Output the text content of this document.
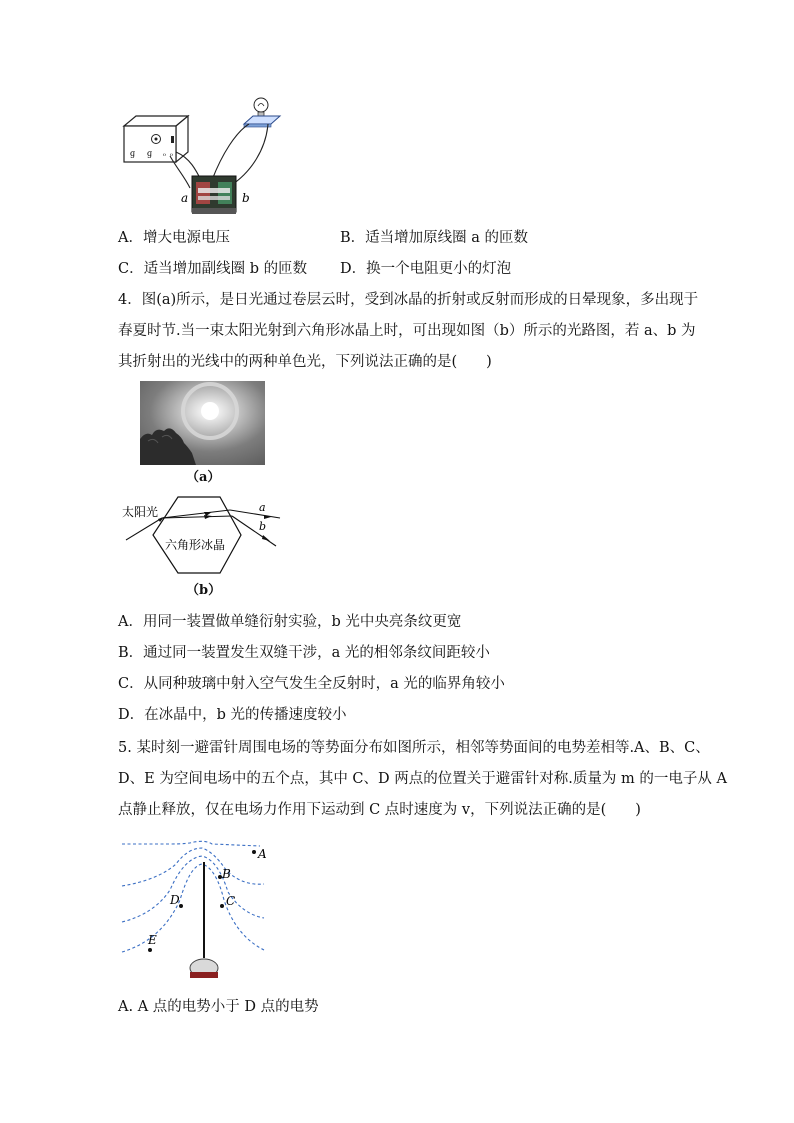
ɡ ɡ ₀ ₀
a	b
A．增大电源电压	B．适当增加原线圈 a 的匝数
C．适当增加副线圈 b 的匝数 D．换一个电阻更小的灯泡
4．图(a)所示，是日光通过卷层云时，受到冰晶的折射或反射而形成的日晕现象，多出现于
春夏时节.当一束太阳光射到六角形冰晶上时，可出现如图（b）所示的光路图，若 a、b 为
其折射出的光线中的两种单色光，下列说法正确的是(　　)
（a）
太阳光
六角形冰晶
a
b
（b）
A．用同一装置做单缝衍射实验，b 光中央亮条纹更宽
B．通过同一装置发生双缝干涉，a 光的相邻条纹间距较小
C．从同种玻璃中射入空气发生全反射时，a 光的临界角较小
D．在冰晶中，b 光的传播速度较小
5. 某时刻一避雷针周围电场的等势面分布如图所示，相邻等势面间的电势差相等.A、B、C、
D、E 为空间电场中的五个点，其中 C、D 两点的位置关于避雷针对称.质量为 m 的一电子从 A
点静止释放，仅在电场力作用下运动到 C 点时速度为 v，下列说法正确的是(　　)
A
B
D	C
E
A. A 点的电势小于 D 点的电势
